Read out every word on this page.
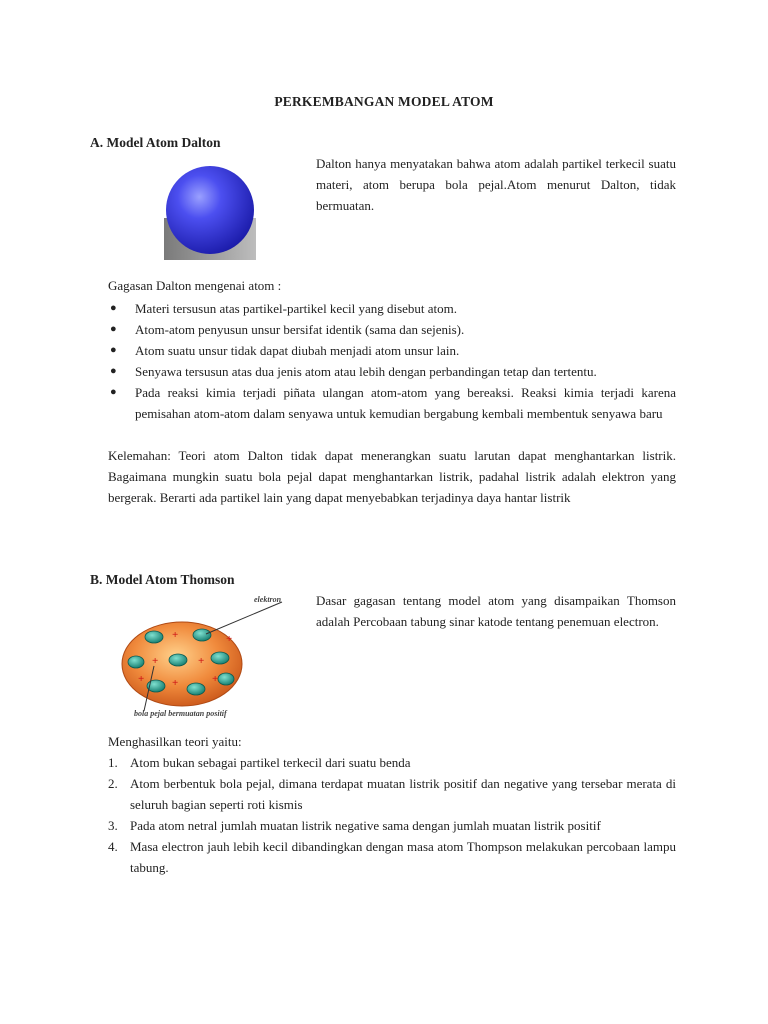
PERKEMBANGAN MODEL ATOM
A. Model Atom Dalton

Dalton hanya menyatakan bahwa atom adalah partikel terkecil suatu materi, atom berupa bola pejal.Atom menurut Dalton, tidak bermuatan.

Gagasan Dalton mengenai atom :
● Materi tersusun atas partikel-partikel kecil yang disebut atom.
● Atom-atom penyusun unsur bersifat identik (sama dan sejenis).
● Atom suatu unsur tidak dapat diubah menjadi atom unsur lain.
● Senyawa tersusun atas dua jenis atom atau lebih dengan perbandingan tetap dan tertentu.
● Pada reaksi kimia terjadi piñata ulangan atom-atom yang bereaksi. Reaksi kimia terjadi karena pemisahan atom-atom dalam senyawa untuk kemudian bergabung kembali membentuk senyawa baru

Kelemahan: Teori atom Dalton tidak dapat menerangkan suatu larutan dapat menghantarkan listrik. Bagaimana mungkin suatu bola pejal dapat menghantarkan listrik, padahal listrik adalah elektron yang bergerak. Berarti ada partikel lain yang dapat menyebabkan terjadinya daya hantar listrik

B. Model Atom Thomson
+	+
+	+
+	+
+
elektron
bola pejal bermuatan positif

Dasar gagasan tentang model atom yang disampaikan Thomson adalah Percobaan tabung sinar katode tentang penemuan electron.

Menghasilkan teori yaitu:
1. Atom bukan sebagai partikel terkecil dari suatu benda
2. Atom berbentuk bola pejal, dimana terdapat muatan listrik positif dan negative yang tersebar merata di seluruh bagian seperti roti kismis
3. Pada atom netral jumlah muatan listrik negative sama dengan jumlah muatan listrik positif
4. Masa electron jauh lebih kecil dibandingkan dengan masa atom Thompson melakukan percobaan lampu tabung.
